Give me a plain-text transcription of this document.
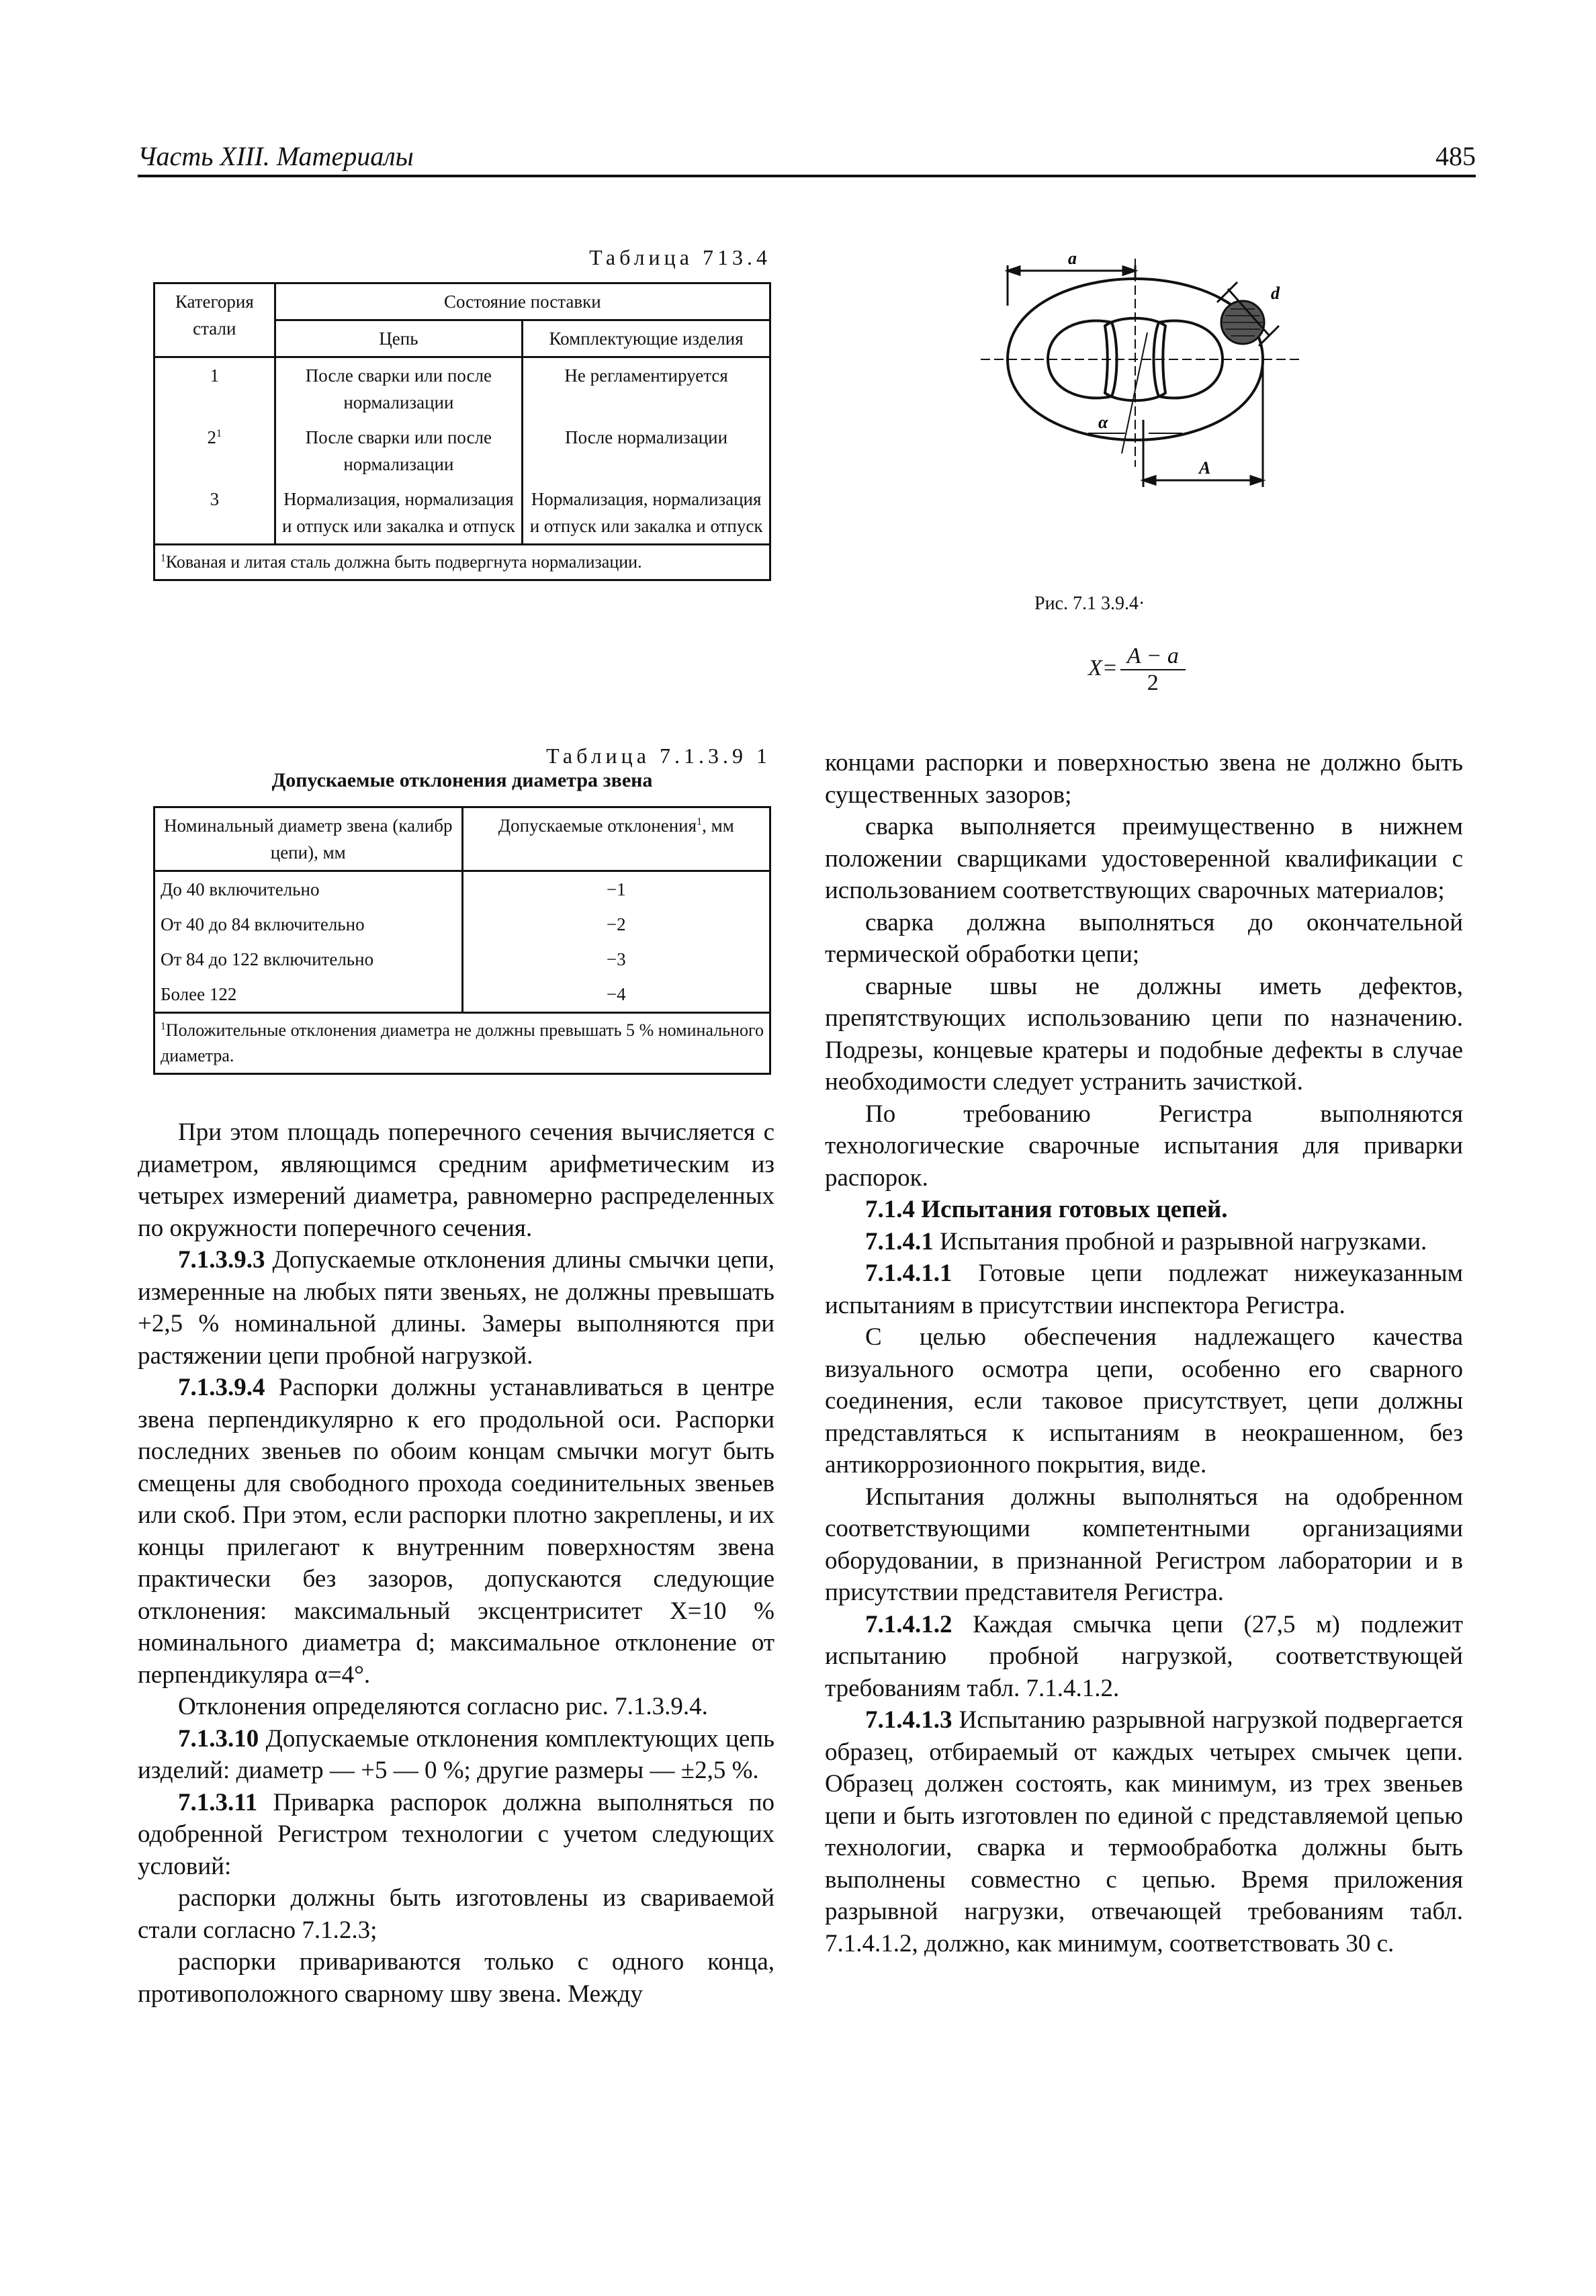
Часть XIII. Материалы	485
Таблица 713.4
Категория стали	Состояние поставки	
	Цепь	Комплектующие изделия
1	После сварки или после нормализации	Не регламентируется
$2^1$	После сварки или после нормализации	После нормализации
3	Нормализация, нормализация и отпуск или закалка и отпуск	Нормализация, нормализация и отпуск или закалка и отпуск
$^1$Кованая и литая сталь должна быть подвергнута нормализации.		
a
d
α
A
Рис. 7.1 3.9.4·
$X= \frac{A - a}{2}$
Таблица 7.1.3.9 1
Допускаемые отклонения диаметра звена
Номинальный диаметр звена (калибр цепи), мм	Допускаемые отклонения$^1$, мм
До 40 включительно	−1
От 40 до 84 включительно	−2
От 84 до 122 включительно	−3
Более 122	−4
$^1$Положительные отклонения диаметра не должны превышать 5 % номинального диаметра.	

При этом площадь поперечного сечения вычисляется с диаметром, являющимся средним арифметическим из четырех измерений диаметра, равномерно распределенных по окружности поперечного сечения.

7.1.3.9.3 Допускаемые отклонения длины смычки цепи, измеренные на любых пяти звеньях, не должны превышать +2,5 % номинальной длины. Замеры выполняются при растяжении цепи пробной нагрузкой.

7.1.3.9.4 Распорки должны устанавливаться в центре звена перпендикулярно к его продольной оси. Распорки последних звеньев по обоим концам смычки могут быть смещены для свободного прохода соединительных звеньев или скоб. При этом, если распорки плотно закреплены, и их концы прилегают к внутренним поверхностям звена практически без зазоров, допускаются следующие отклонения: максимальный эксцентриситет X=10 % номинального диаметра d; максимальное отклонение от перпендикуляра α=4°.

Отклонения определяются согласно рис. 7.1.3.9.4.

7.1.3.10 Допускаемые отклонения комплектующих цепь изделий: диаметр — +5 — 0 %; другие размеры — ±2,5 %.

7.1.3.11 Приварка распорок должна выполняться по одобренной Регистром технологии с учетом следующих условий:

распорки должны быть изготовлены из свариваемой стали согласно 7.1.2.3;

распорки привариваются только с одного конца, противоположного сварному шву звена. Между

концами распорки и поверхностью звена не должно быть существенных зазоров;

сварка выполняется преимущественно в нижнем положении сварщиками удостоверенной квалификации с использованием соответствующих сварочных материалов;

сварка должна выполняться до окончательной термической обработки цепи;

сварные швы не должны иметь дефектов, препятствующих использованию цепи по назначению. Подрезы, концевые кратеры и подобные дефекты в случае необходимости следует устранить зачисткой.

По требованию Регистра выполняются технологические сварочные испытания для приварки распорок.

7.1.4 Испытания готовых цепей.

7.1.4.1 Испытания пробной и разрывной нагрузками.

7.1.4.1.1 Готовые цепи подлежат нижеуказанным испытаниям в присутствии инспектора Регистра.

С целью обеспечения надлежащего качества визуального осмотра цепи, особенно его сварного соединения, если таковое присутствует, цепи должны представляться к испытаниям в неокрашенном, без антикоррозионного покрытия, виде.

Испытания должны выполняться на одобренном соответствующими компетентными организациями оборудовании, в признанной Регистром лаборатории и в присутствии представителя Регистра.

7.1.4.1.2 Каждая смычка цепи (27,5 м) подлежит испытанию пробной нагрузкой, соответствующей требованиям табл. 7.1.4.1.2.

7.1.4.1.3 Испытанию разрывной нагрузкой подвергается образец, отбираемый от каждых четырех смычек цепи. Образец должен состоять, как минимум, из трех звеньев цепи и быть изготовлен по единой с представляемой цепью технологии, сварка и термообработка должны быть выполнены совместно с цепью. Время приложения разрывной нагрузки, отвечающей требованиям табл. 7.1.4.1.2, должно, как минимум, соответствовать 30 с.
